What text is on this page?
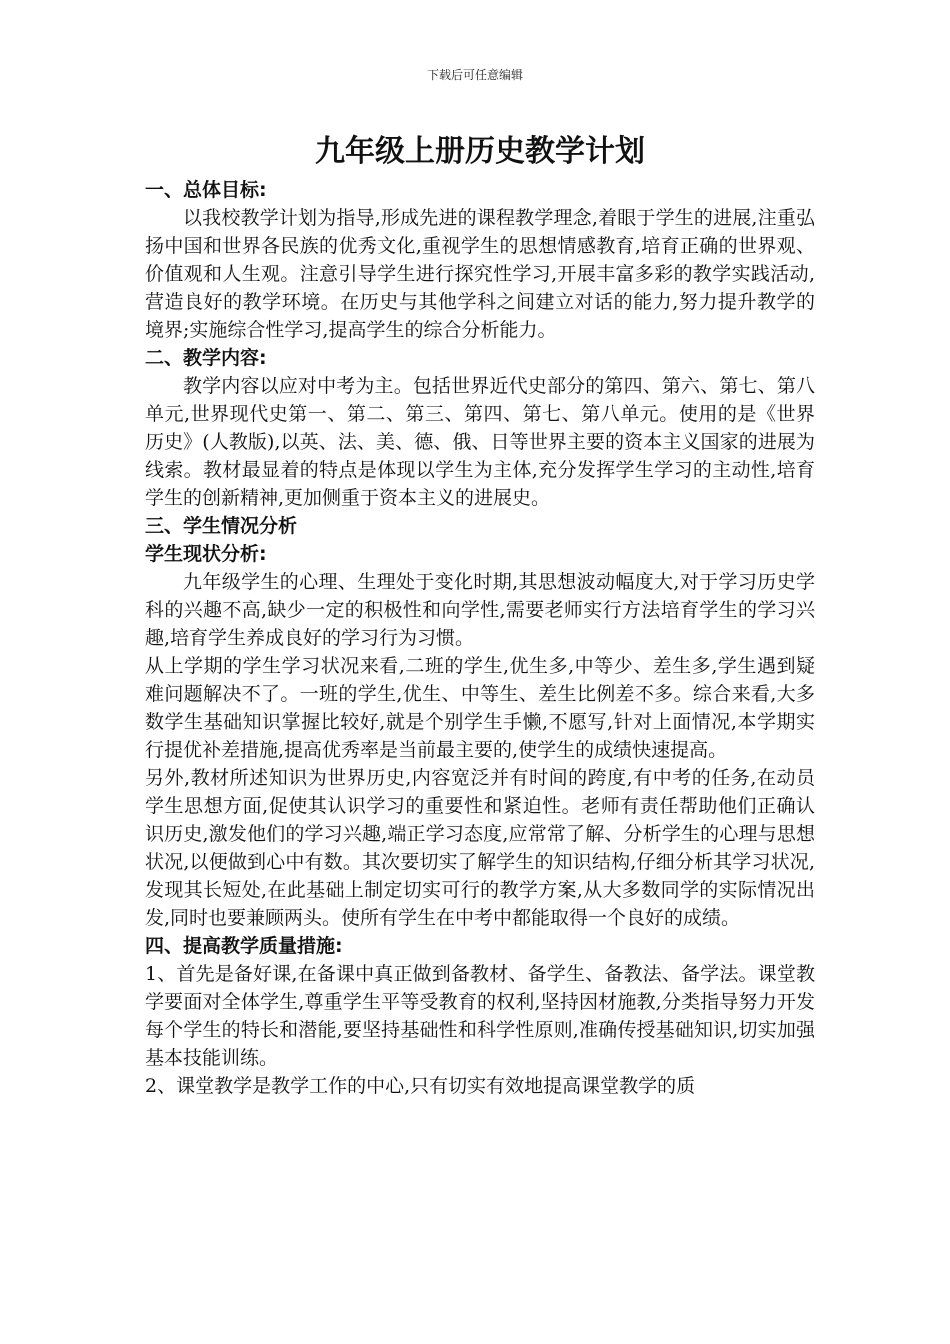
下载后可任意编辑
九年级上册历史教学计划

一、总体目标:

以我校教学计划为指导,形成先进的课程教学理念,着眼于学生的进展,注重弘扬中国和世界各民族的优秀文化,重视学生的思想情感教育,培育正确的世界观、价值观和人生观。注意引导学生进行探究性学习,开展丰富多彩的教学实践活动,营造良好的教学环境。在历史与其他学科之间建立对话的能力,努力提升教学的境界;实施综合性学习,提高学生的综合分析能力。

二、教学内容:

教学内容以应对中考为主。包括世界近代史部分的第四、第六、第七、第八单元,世界现代史第一、第二、第三、第四、第七、第八单元。使用的是《世界历史》(人教版),以英、法、美、德、俄、日等世界主要的资本主义国家的进展为线索。教材最显着的特点是体现以学生为主体,充分发挥学生学习的主动性,培育学生的创新精神,更加侧重于资本主义的进展史。

三、学生情况分析

学生现状分析:

九年级学生的心理、生理处于变化时期,其思想波动幅度大,对于学习历史学科的兴趣不高,缺少一定的积极性和向学性,需要老师实行方法培育学生的学习兴趣,培育学生养成良好的学习行为习惯。

从上学期的学生学习状况来看,二班的学生,优生多,中等少、差生多,学生遇到疑难问题解决不了。一班的学生,优生、中等生、差生比例差不多。综合来看,大多数学生基础知识掌握比较好,就是个别学生手懒,不愿写,针对上面情况,本学期实行提优补差措施,提高优秀率是当前最主要的,使学生的成绩快速提高。

另外,教材所述知识为世界历史,内容宽泛并有时间的跨度,有中考的任务,在动员学生思想方面,促使其认识学习的重要性和紧迫性。老师有责任帮助他们正确认识历史,激发他们的学习兴趣,端正学习态度,应常常了解、分析学生的心理与思想状况,以便做到心中有数。其次要切实了解学生的知识结构,仔细分析其学习状况,发现其长短处,在此基础上制定切实可行的教学方案,从大多数同学的实际情况出发,同时也要兼顾两头。使所有学生在中考中都能取得一个良好的成绩。

四、提高教学质量措施:

1、首先是备好课,在备课中真正做到备教材、备学生、备教法、备学法。课堂教学要面对全体学生,尊重学生平等受教育的权利,坚持因材施教,分类指导努力开发每个学生的特长和潜能,要坚持基础性和科学性原则,准确传授基础知识,切实加强基本技能训练。

2、课堂教学是教学工作的中心,只有切实有效地提高课堂教学的质
